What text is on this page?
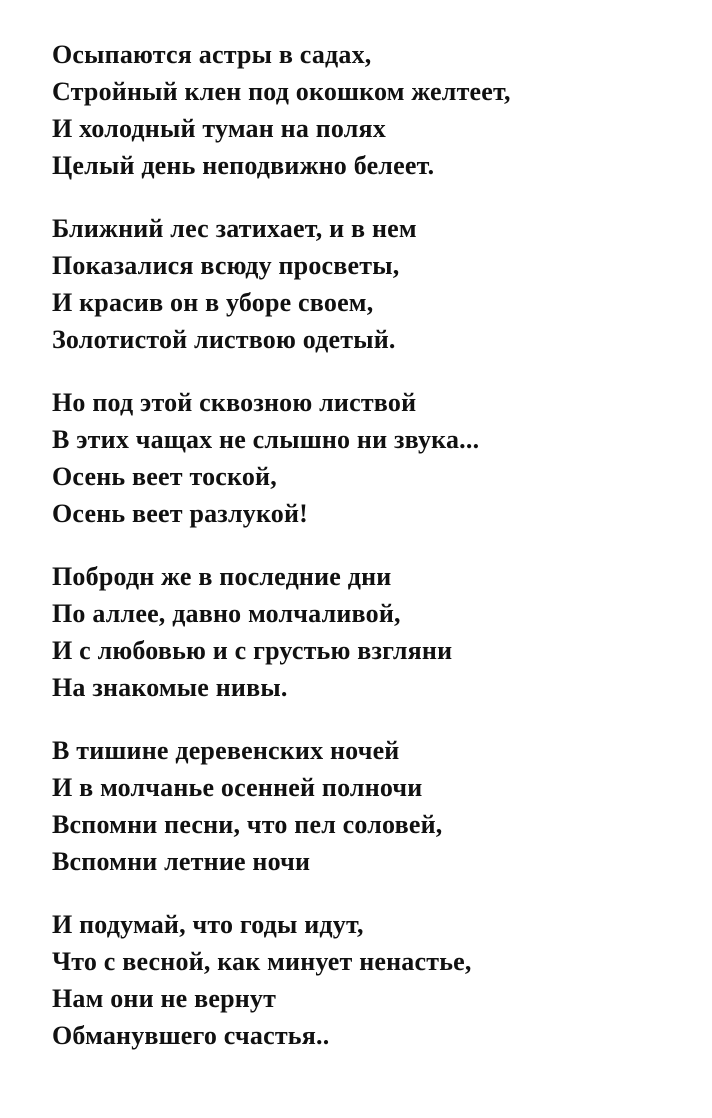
Осыпаются астры в садах,
Стройный клен под окошком желтеет,
И холодный туман на полях
Целый день неподвижно белеет.
Ближний лес затихает, и в нем
Показалися всюду просветы,
И красив он в уборе своем,
Золотистой листвою одетый.
Но под этой сквозною листвой
В этих чащах не слышно ни звука...
Осень веет тоской,
Осень веет разлукой!
Побродн же в последние дни
По аллее, давно молчаливой,
И с любовью и с грустью взгляни
На знакомые нивы.
В тишине деревенских ночей
И в молчанье осенней полночи
Вспомни песни, что пел соловей,
Вспомни летние ночи
И подумай, что годы идут,
Что с весной, как минует ненастье,
Нам они не вернут
Обманувшего счастья..
